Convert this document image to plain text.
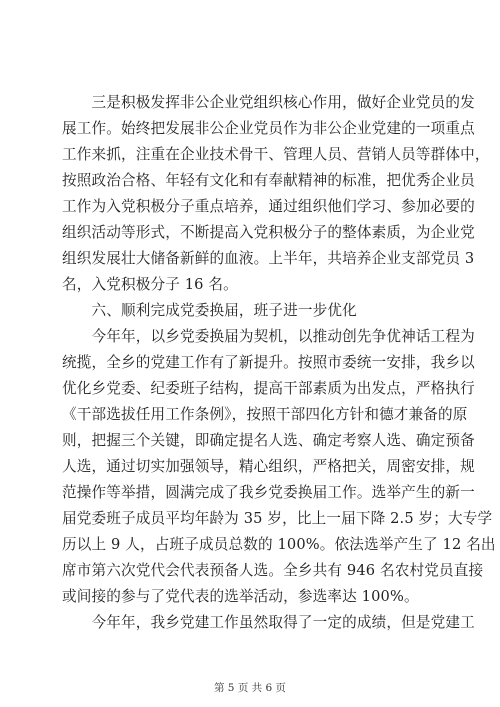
　　三是积极发挥非公企业党组织核心作用，做好企业党员的发
展工作。始终把发展非公企业党员作为非公企业党建的一项重点
工作来抓，注重在企业技术骨干、管理人员、营销人员等群体中，
按照政治合格、年轻有文化和有奉献精神的标准，把优秀企业员
工作为入党积极分子重点培养，通过组织他们学习、参加必要的
组织活动等形式，不断提高入党积极分子的整体素质，为企业党
组织发展壮大储备新鲜的血液。上半年，共培养企业支部党员 3
名，入党积极分子 16 名。
　　六、顺利完成党委换届，班子进一步优化
　　今年年，以乡党委换届为契机，以推动创先争优神话工程为
统揽，全乡的党建工作有了新提升。按照市委统一安排，我乡以
优化乡党委、纪委班子结构，提高干部素质为出发点，严格执行
《干部选拔任用工作条例》，按照干部四化方针和德才兼备的原
则，把握三个关键，即确定提名人选、确定考察人选、确定预备
人选，通过切实加强领导，精心组织，严格把关，周密安排，规
范操作等举措，圆满完成了我乡党委换届工作。选举产生的新一
届党委班子成员平均年龄为 35 岁，比上一届下降 2.5 岁；大专学
历以上 9 人，占班子成员总数的 100%。依法选举产生了 12 名出
席市第六次党代会代表预备人选。全乡共有 946 名农村党员直接
或间接的参与了党代表的选举活动，参选率达 100%。
　　今年年，我乡党建工作虽然取得了一定的成绩，但是党建工
第 5 页 共 6 页
